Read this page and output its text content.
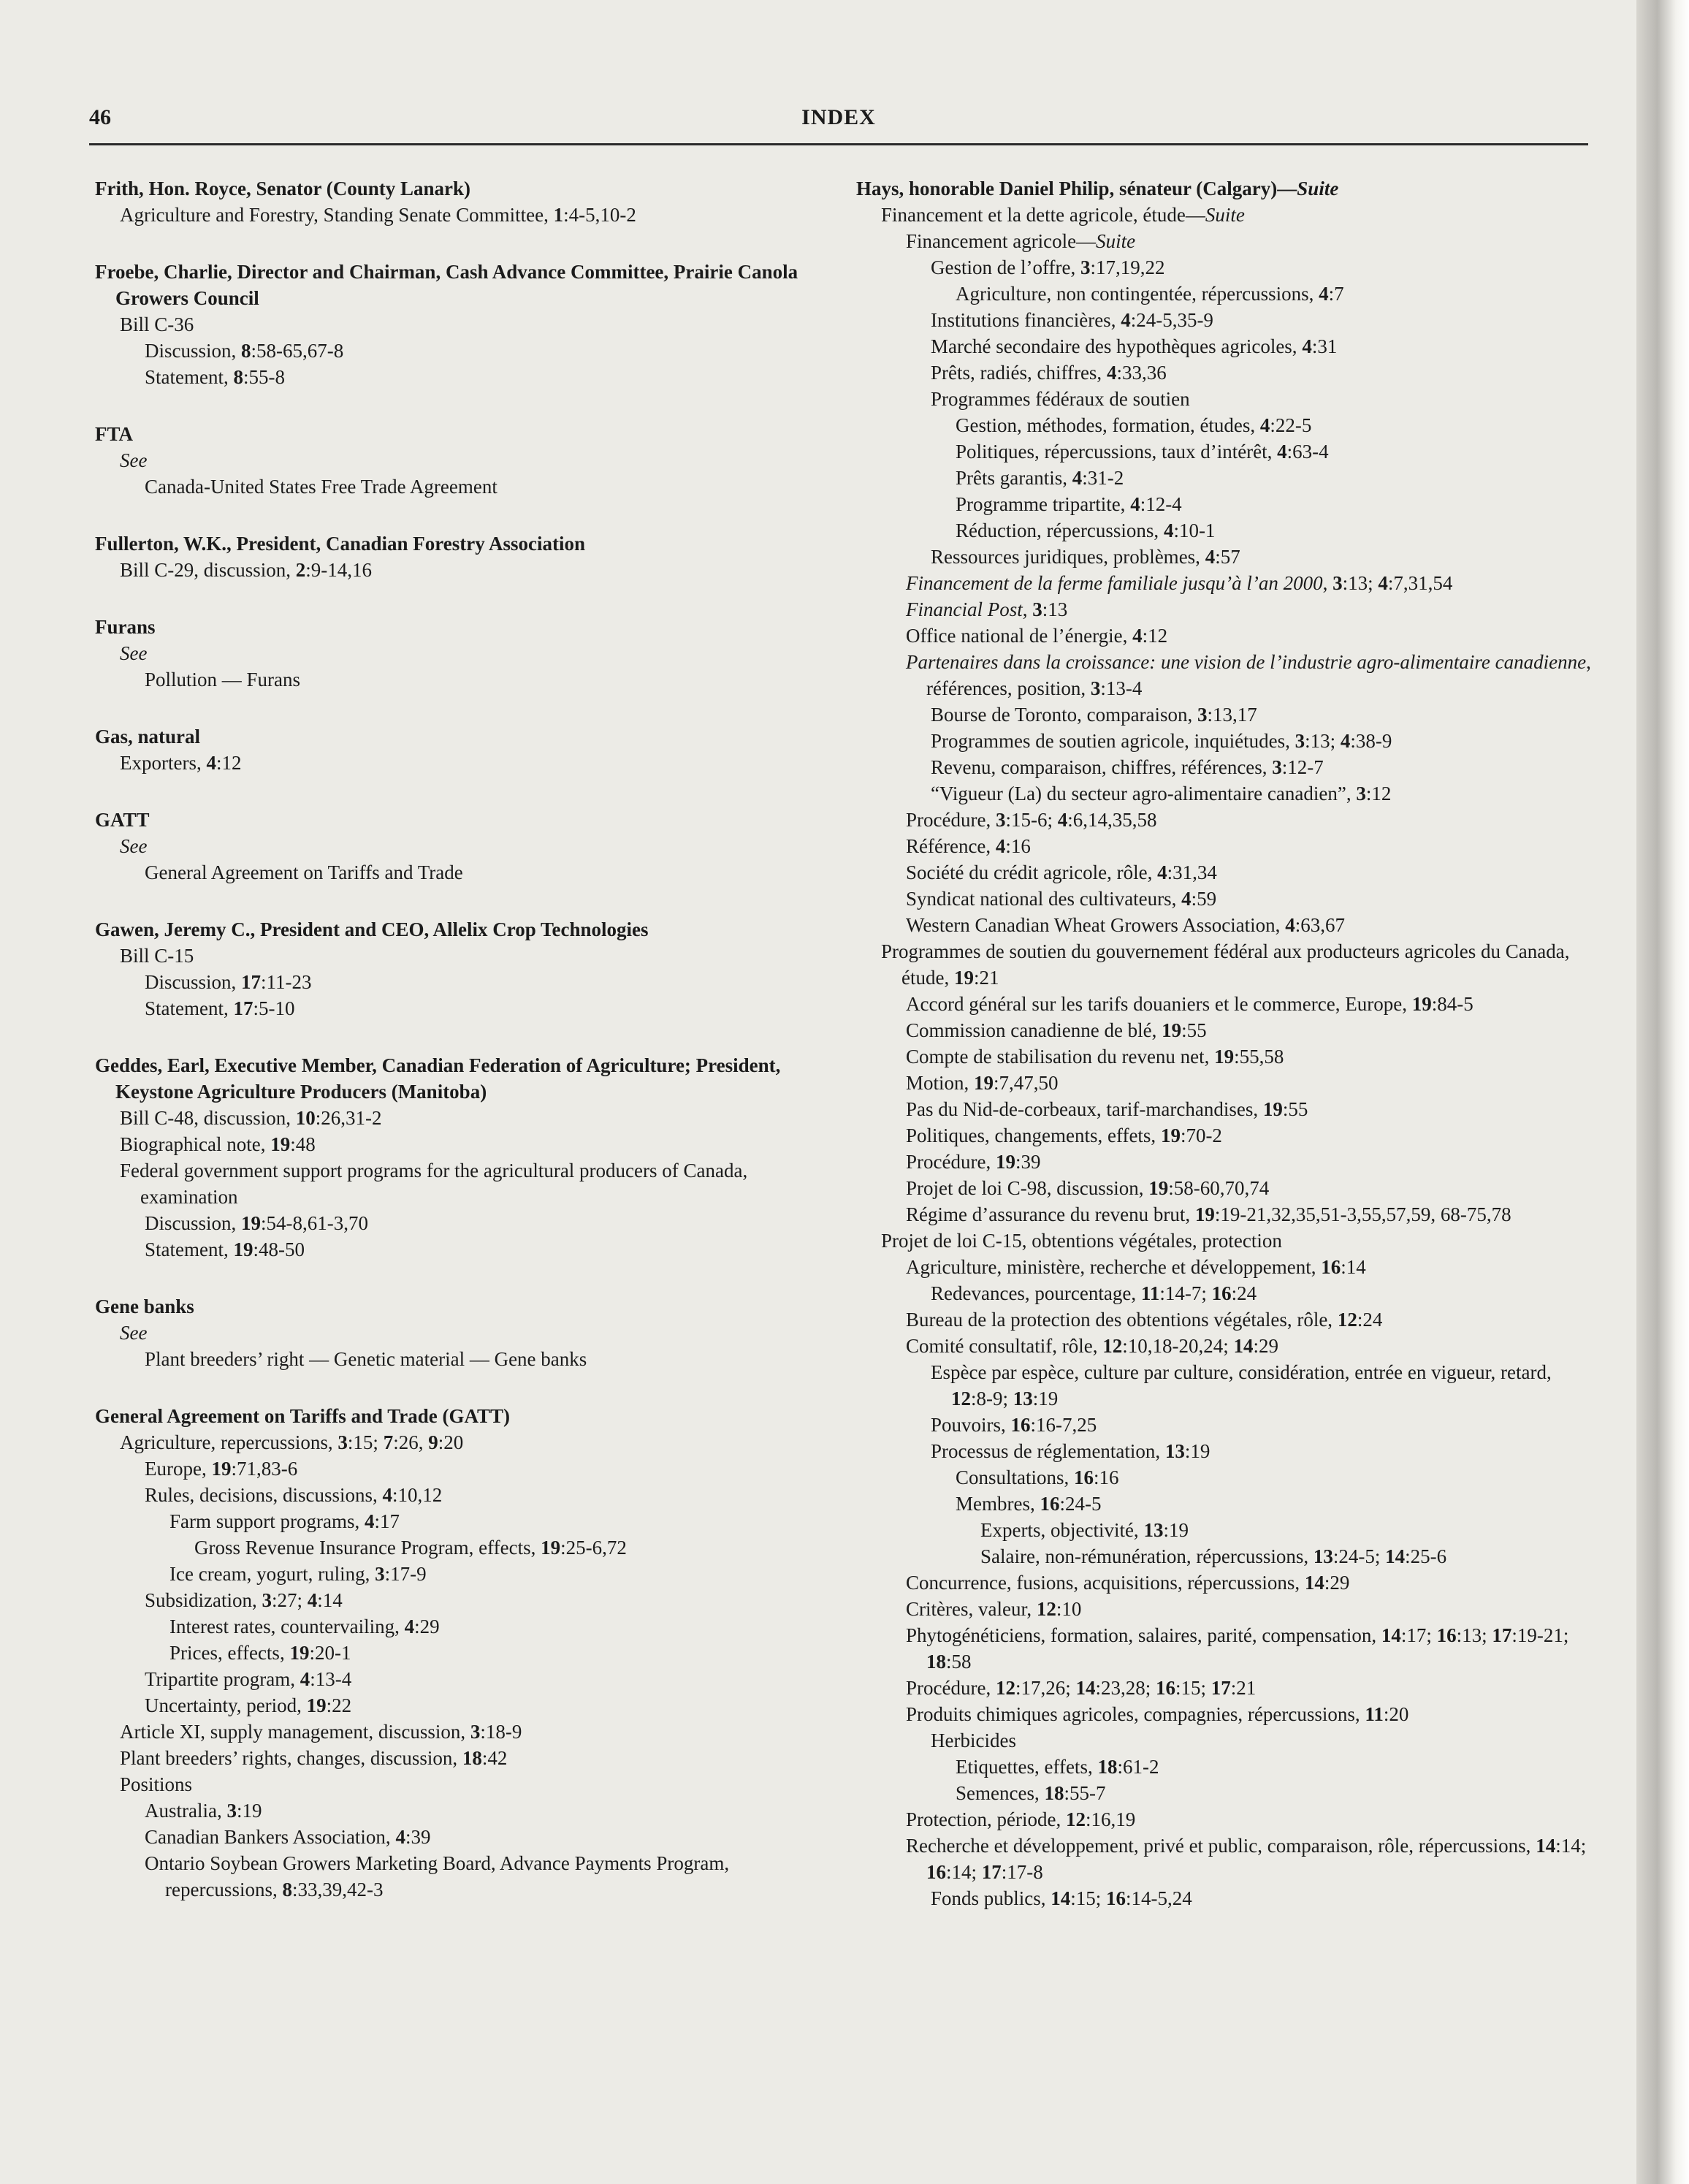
46	INDEX
Frith, Hon. Royce, Senator (County Lanark)
Agriculture and Forestry, Standing Senate Committee, 1:4-5,10-2
Froebe, Charlie, Director and Chairman, Cash Advance Committee, Prairie Canola Growers Council
Bill C-36
Discussion, 8:58-65,67-8
Statement, 8:55-8
FTA
See
Canada-United States Free Trade Agreement
Fullerton, W.K., President, Canadian Forestry Association
Bill C-29, discussion, 2:9-14,16
Furans
See
Pollution — Furans
Gas, natural
Exporters, 4:12
GATT
See
General Agreement on Tariffs and Trade
Gawen, Jeremy C., President and CEO, Allelix Crop Technologies
Bill C-15
Discussion, 17:11-23
Statement, 17:5-10
Geddes, Earl, Executive Member, Canadian Federation of Agriculture; President, Keystone Agriculture Producers (Manitoba)
Bill C-48, discussion, 10:26,31-2
Biographical note, 19:48
Federal government support programs for the agricultural producers of Canada, examination
Discussion, 19:54-8,61-3,70
Statement, 19:48-50
Gene banks
See
Plant breeders’ right — Genetic material — Gene banks
General Agreement on Tariffs and Trade (GATT)
Agriculture, repercussions, 3:15; 7:26, 9:20
Europe, 19:71,83-6
Rules, decisions, discussions, 4:10,12
Farm support programs, 4:17
Gross Revenue Insurance Program, effects, 19:25-6,72
Ice cream, yogurt, ruling, 3:17-9
Subsidization, 3:27; 4:14
Interest rates, countervailing, 4:29
Prices, effects, 19:20-1
Tripartite program, 4:13-4
Uncertainty, period, 19:22
Article XI, supply management, discussion, 3:18-9
Plant breeders’ rights, changes, discussion, 18:42
Positions
Australia, 3:19
Canadian Bankers Association, 4:39
Ontario Soybean Growers Marketing Board, Advance Payments Program, repercussions, 8:33,39,42-3
Hays, honorable Daniel Philip, sénateur (Calgary)—Suite
Financement et la dette agricole, étude—Suite
Financement agricole—Suite
Gestion de l’offre, 3:17,19,22
Agriculture, non contingentée, répercussions, 4:7
Institutions financières, 4:24-5,35-9
Marché secondaire des hypothèques agricoles, 4:31
Prêts, radiés, chiffres, 4:33,36
Programmes fédéraux de soutien
Gestion, méthodes, formation, études, 4:22-5
Politiques, répercussions, taux d’intérêt, 4:63-4
Prêts garantis, 4:31-2
Programme tripartite, 4:12-4
Réduction, répercussions, 4:10-1
Ressources juridiques, problèmes, 4:57
Financement de la ferme familiale jusqu’à l’an 2000, 3:13; 4:7,31,54
Financial Post, 3:13
Office national de l’énergie, 4:12
Partenaires dans la croissance: une vision de l’industrie agro-alimentaire canadienne, références, position, 3:13-4
Bourse de Toronto, comparaison, 3:13,17
Programmes de soutien agricole, inquiétudes, 3:13; 4:38-9
Revenu, comparaison, chiffres, références, 3:12-7
“Vigueur (La) du secteur agro-alimentaire canadien”, 3:12
Procédure, 3:15-6; 4:6,14,35,58
Référence, 4:16
Société du crédit agricole, rôle, 4:31,34
Syndicat national des cultivateurs, 4:59
Western Canadian Wheat Growers Association, 4:63,67
Programmes de soutien du gouvernement fédéral aux producteurs agricoles du Canada, étude, 19:21
Accord général sur les tarifs douaniers et le commerce, Europe, 19:84-5
Commission canadienne de blé, 19:55
Compte de stabilisation du revenu net, 19:55,58
Motion, 19:7,47,50
Pas du Nid-de-corbeaux, tarif-marchandises, 19:55
Politiques, changements, effets, 19:70-2
Procédure, 19:39
Projet de loi C-98, discussion, 19:58-60,70,74
Régime d’assurance du revenu brut, 19:19-21,32,35,51-3,55,57,59, 68-75,78
Projet de loi C-15, obtentions végétales, protection
Agriculture, ministère, recherche et développement, 16:14
Redevances, pourcentage, 11:14-7; 16:24
Bureau de la protection des obtentions végétales, rôle, 12:24
Comité consultatif, rôle, 12:10,18-20,24; 14:29
Espèce par espèce, culture par culture, considération, entrée en vigueur, retard, 12:8-9; 13:19
Pouvoirs, 16:16-7,25
Processus de réglementation, 13:19
Consultations, 16:16
Membres, 16:24-5
Experts, objectivité, 13:19
Salaire, non-rémunération, répercussions, 13:24-5; 14:25-6
Concurrence, fusions, acquisitions, répercussions, 14:29
Critères, valeur, 12:10
Phytogénéticiens, formation, salaires, parité, compensation, 14:17; 16:13; 17:19-21; 18:58
Procédure, 12:17,26; 14:23,28; 16:15; 17:21
Produits chimiques agricoles, compagnies, répercussions, 11:20
Herbicides
Etiquettes, effets, 18:61-2
Semences, 18:55-7
Protection, période, 12:16,19
Recherche et développement, privé et public, comparaison, rôle, répercussions, 14:14; 16:14; 17:17-8
Fonds publics, 14:15; 16:14-5,24
